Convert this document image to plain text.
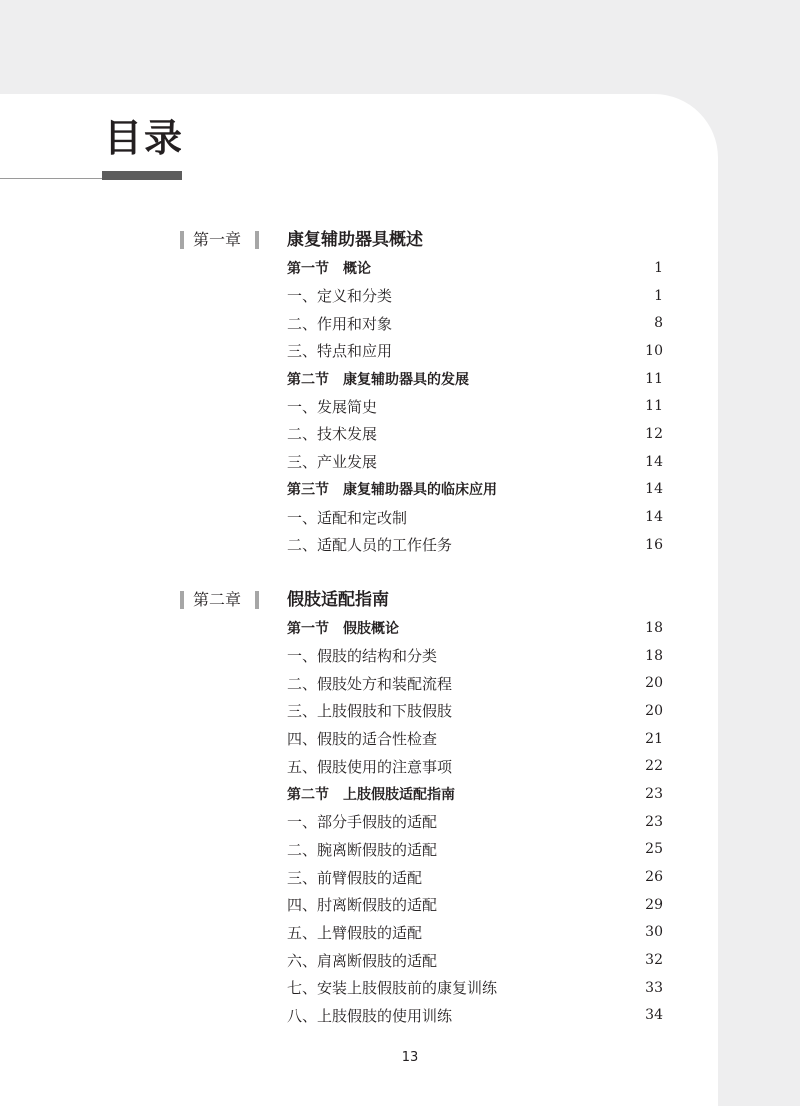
目录
第一章	康复辅助器具概述
第一节　概论	1
一、定义和分类	1
二、作用和对象	8
三、特点和应用	10
第二节　康复辅助器具的发展	11
一、发展简史	11
二、技术发展	12
三、产业发展	14
第三节　康复辅助器具的临床应用	14
一、适配和定改制	14
二、适配人员的工作任务	16
第二章	假肢适配指南
第一节　假肢概论	18
一、假肢的结构和分类	18
二、假肢处方和装配流程	20
三、上肢假肢和下肢假肢	20
四、假肢的适合性检查	21
五、假肢使用的注意事项	22
第二节　上肢假肢适配指南	23
一、部分手假肢的适配	23
二、腕离断假肢的适配	25
三、前臂假肢的适配	26
四、肘离断假肢的适配	29
五、上臂假肢的适配	30
六、肩离断假肢的适配	32
七、安装上肢假肢前的康复训练	33
八、上肢假肢的使用训练	34
13
